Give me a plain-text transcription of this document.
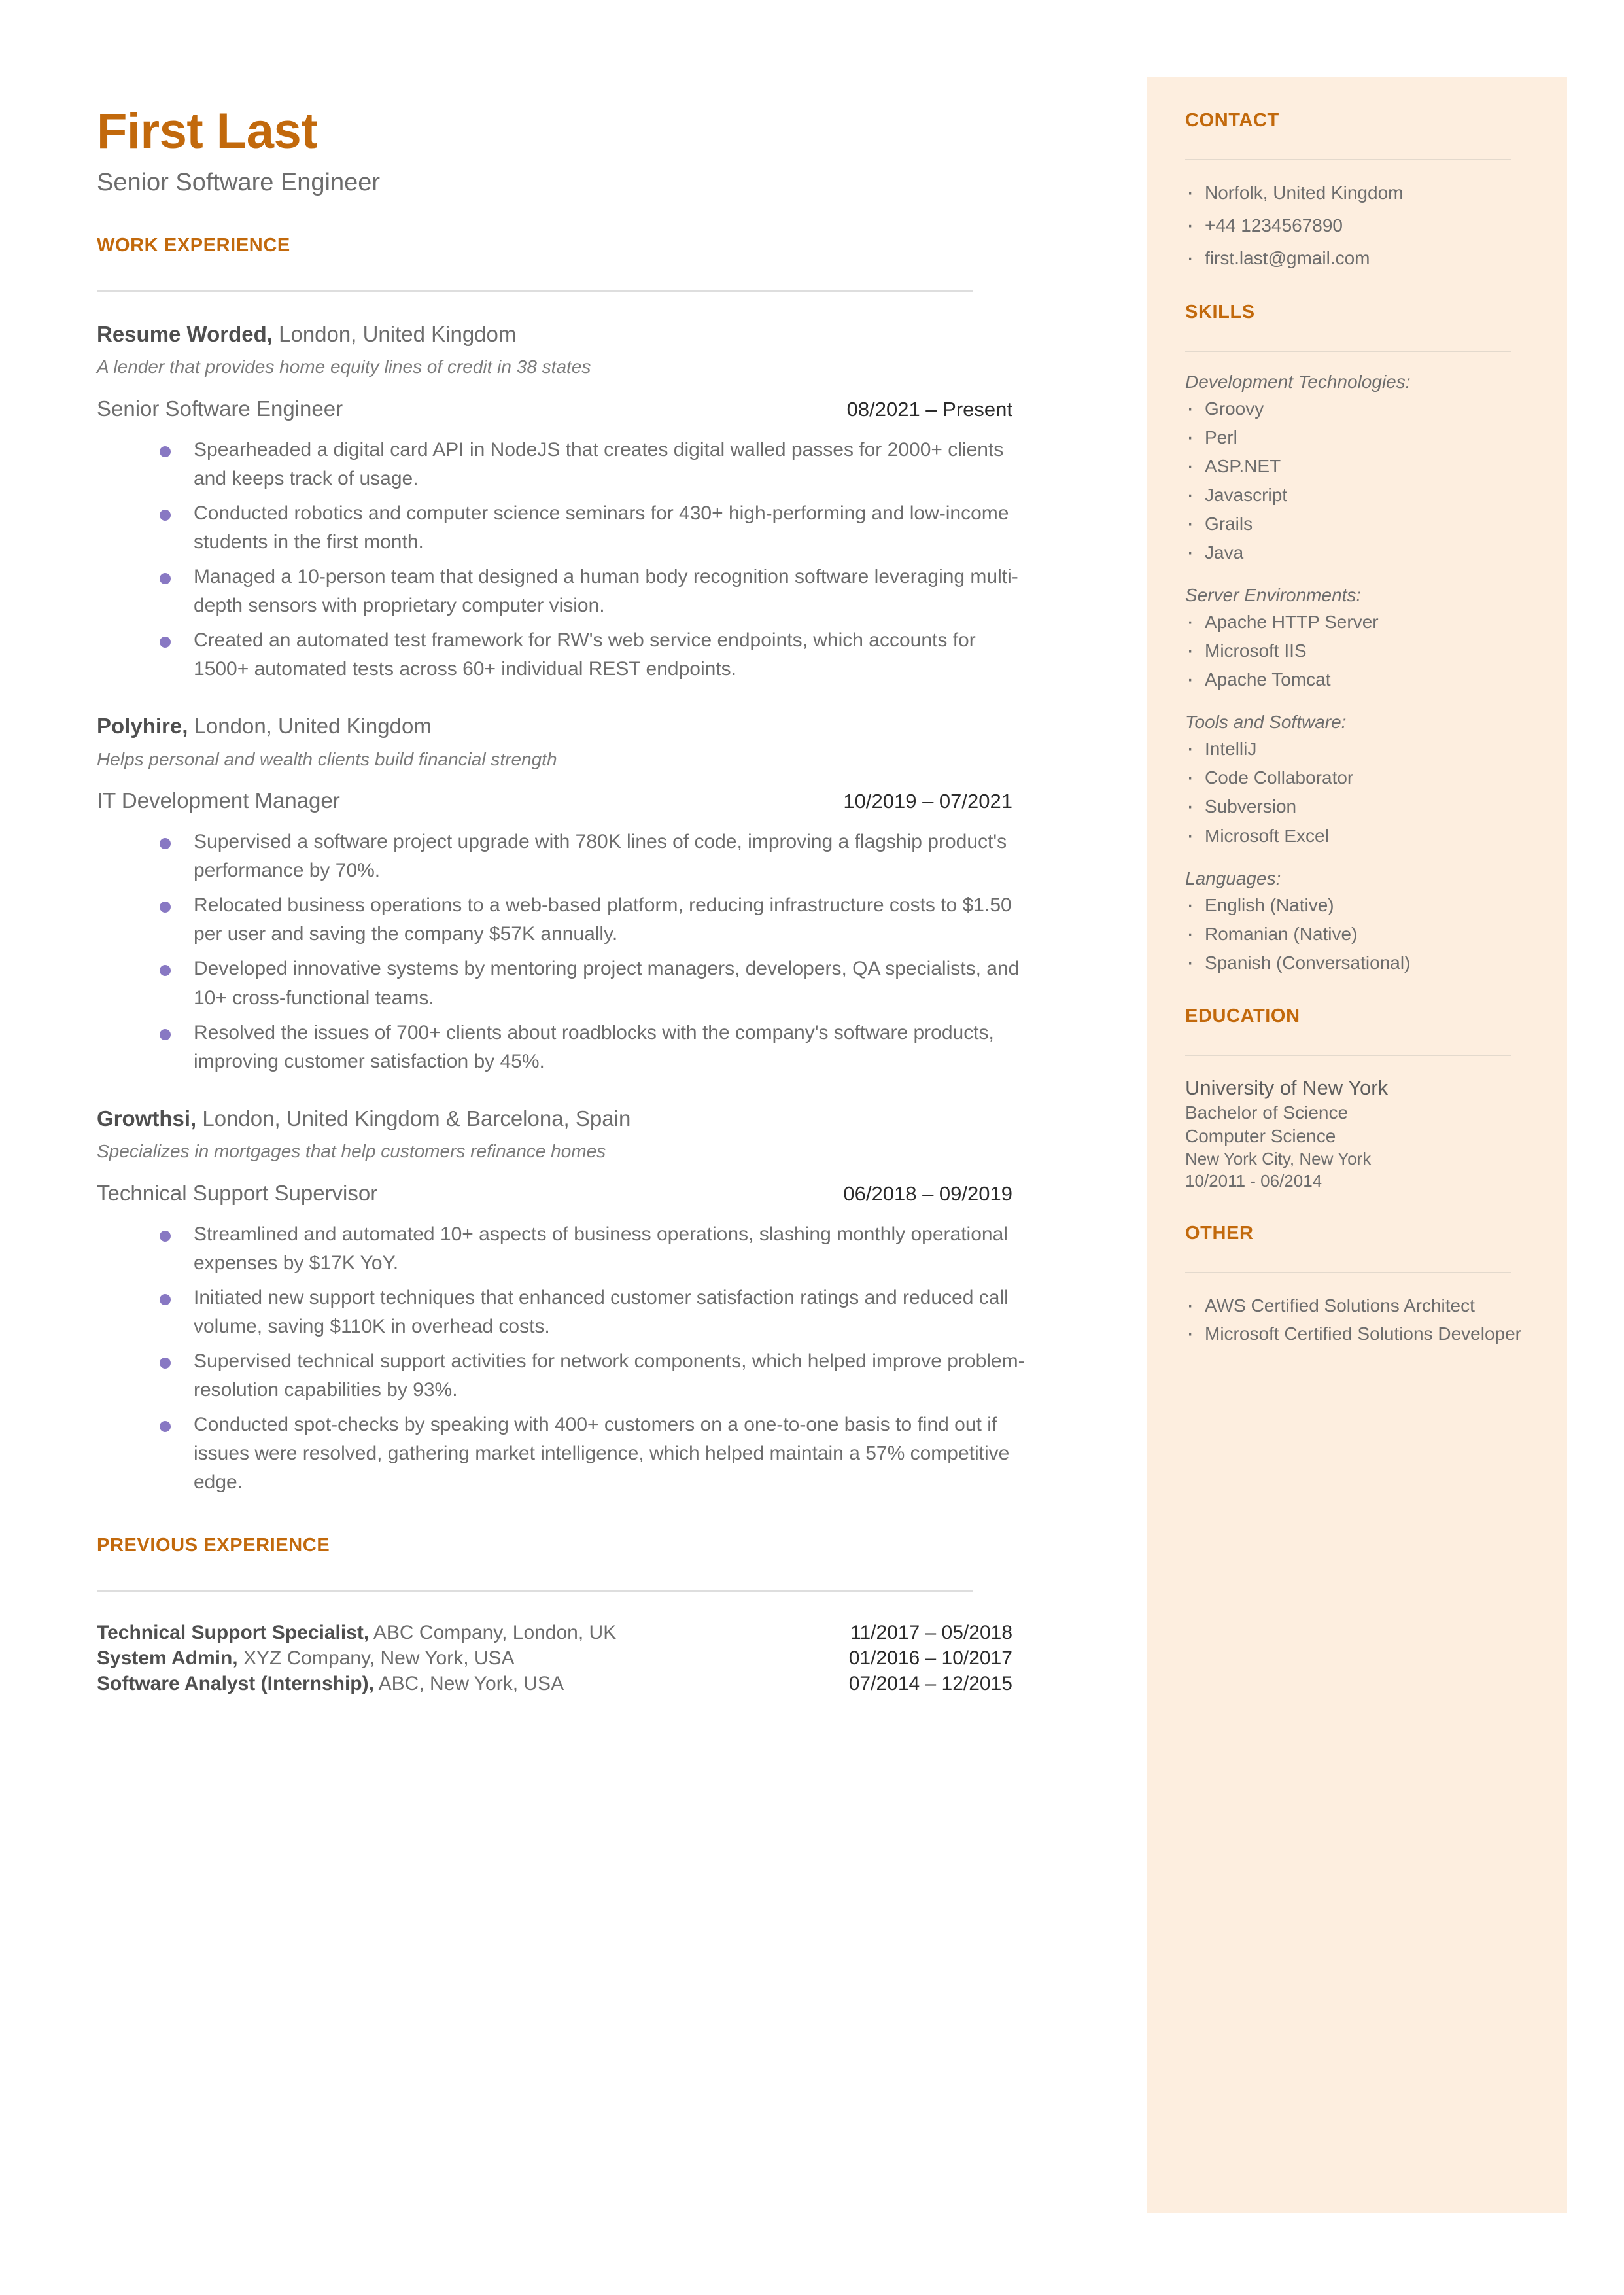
First Last
Senior Software Engineer
WORK EXPERIENCE
Resume Worded, London, United Kingdom
A lender that provides home equity lines of credit in 38 states
Senior Software Engineer	08/2021 – Present
Spearheaded a digital card API in NodeJS that creates digital walled passes for 2000+ clients and keeps track of usage.
Conducted robotics and computer science seminars for 430+ high-performing and low-income students in the first month.
Managed a 10-person team that designed a human body recognition software leveraging multi-depth sensors with proprietary computer vision.
Created an automated test framework for RW's web service endpoints, which accounts for 1500+ automated tests across 60+ individual REST endpoints.
Polyhire, London, United Kingdom
Helps personal and wealth clients build financial strength
IT Development Manager	10/2019 – 07/2021
Supervised a software project upgrade with 780K lines of code, improving a flagship product's performance by 70%.
Relocated business operations to a web-based platform, reducing infrastructure costs to $1.50 per user and saving the company $57K annually.
Developed innovative systems by mentoring project managers, developers, QA specialists, and 10+ cross-functional teams.
Resolved the issues of 700+ clients about roadblocks with the company's software products, improving customer satisfaction by 45%.
Growthsi, London, United Kingdom & Barcelona, Spain
Specializes in mortgages that help customers refinance homes
Technical Support Supervisor	06/2018 – 09/2019
Streamlined and automated 10+ aspects of business operations, slashing monthly operational expenses by $17K YoY.
Initiated new support techniques that enhanced customer satisfaction ratings and reduced call volume, saving $110K in overhead costs.
Supervised technical support activities for network components, which helped improve problem-resolution capabilities by 93%.
Conducted spot-checks by speaking with 400+ customers on a one-to-one basis to find out if issues were resolved, gathering market intelligence, which helped maintain a 57% competitive edge.
PREVIOUS EXPERIENCE
Technical Support Specialist, ABC Company, London, UK	11/2017 – 05/2018
System Admin, XYZ Company, New York, USA	01/2016 – 10/2017
Software Analyst (Internship), ABC, New York, USA	07/2014 – 12/2015
CONTACT
· Norfolk, United Kingdom
· +44 1234567890
· first.last@gmail.com
SKILLS
Development Technologies:
· Groovy
· Perl
· ASP.NET
· Javascript
· Grails
· Java
Server Environments:
· Apache HTTP Server
· Microsoft IIS
· Apache Tomcat
Tools and Software:
· IntelliJ
· Code Collaborator
· Subversion
· Microsoft Excel
Languages:
· English (Native)
· Romanian (Native)
· Spanish (Conversational)
EDUCATION
University of New York
Bachelor of Science
Computer Science
New York City, New York
10/2011 - 06/2014
OTHER
· AWS Certified Solutions Architect
· Microsoft Certified Solutions Developer
